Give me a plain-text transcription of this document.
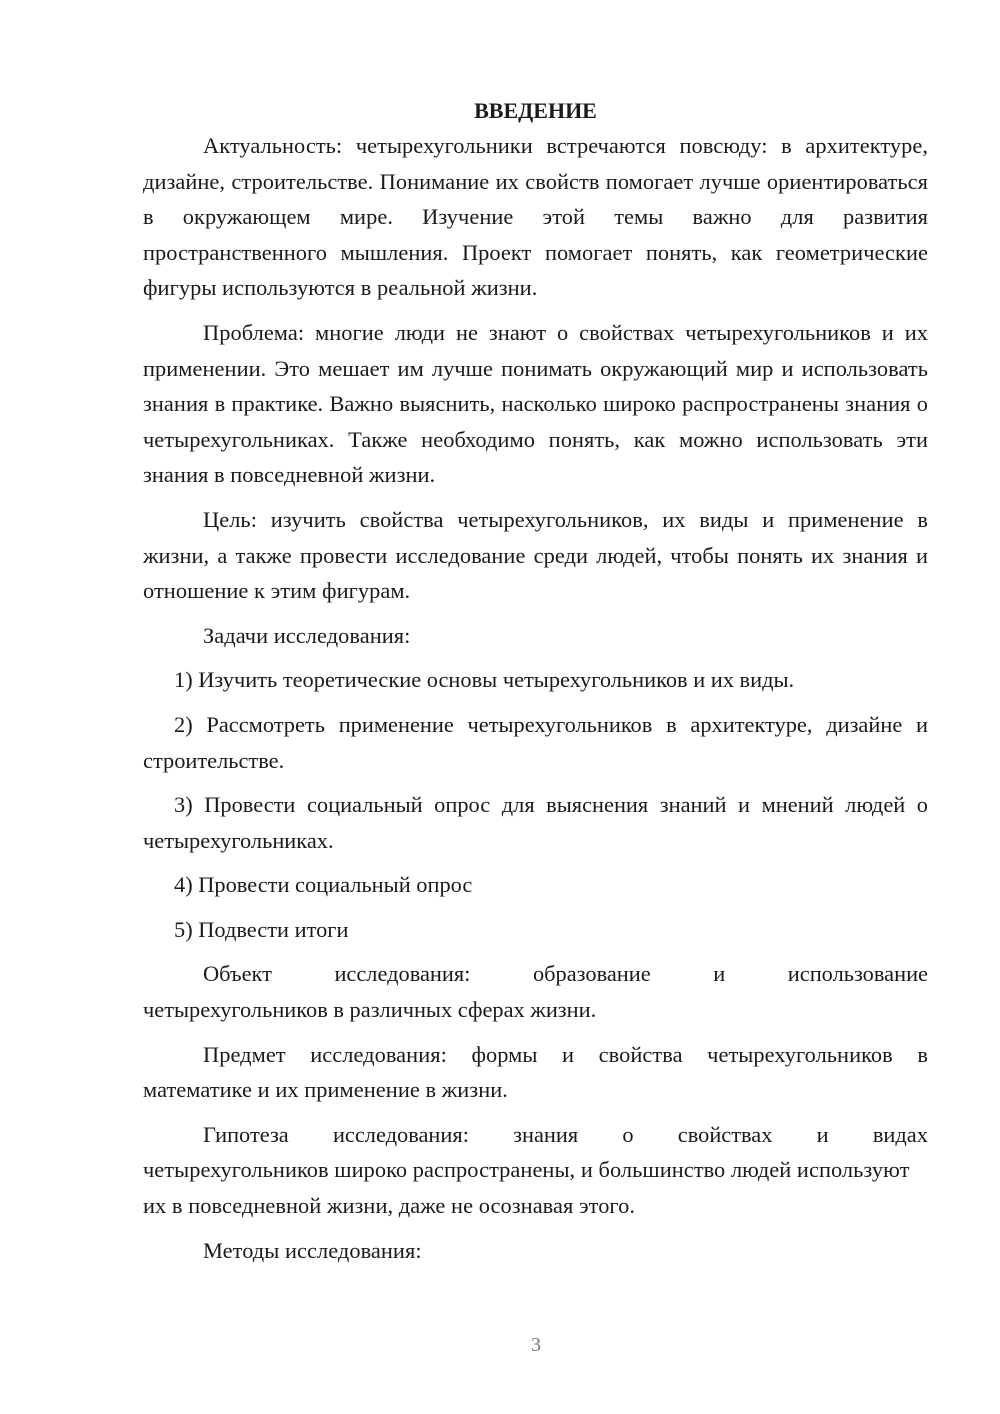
ВВЕДЕНИЕ

Актуальность: четырехугольники встречаются повсюду: в архитектуре, дизайне, строительстве. Понимание их свойств помогает лучше ориентироваться в окружающем мире. Изучение этой темы важно для развития пространственного мышления. Проект помогает понять, как геометрические фигуры используются в реальной жизни.

Проблема: многие люди не знают о свойствах четырехугольников и их применении. Это мешает им лучше понимать окружающий мир и использовать знания в практике. Важно выяснить, насколько широко распространены знания о четырехугольниках. Также необходимо понять, как можно использовать эти знания в повседневной жизни.

Цель: изучить свойства четырехугольников, их виды и применение в жизни, а также провести исследование среди людей, чтобы понять их знания и отношение к этим фигурам.

Задачи исследования:

1) Изучить теоретические основы четырехугольников и их виды.

2) Рассмотреть применение четырехугольников в архитектуре, дизайне и строительстве.

3) Провести социальный опрос для выяснения знаний и мнений людей о четырехугольниках.

4) Провести социальный опрос

5) Подвести итоги

Объект	исследования:	образование	и	использование
четырехугольников в различных сферах жизни.

Предмет исследования: формы и свойства четырехугольников в математике и их применение в жизни.

Гипотеза исследования: знания о свойствах и видах
четырехугольников широко распространены, и большинство людей используют их в повседневной жизни, даже не осознавая этого.

Методы исследования:

3
